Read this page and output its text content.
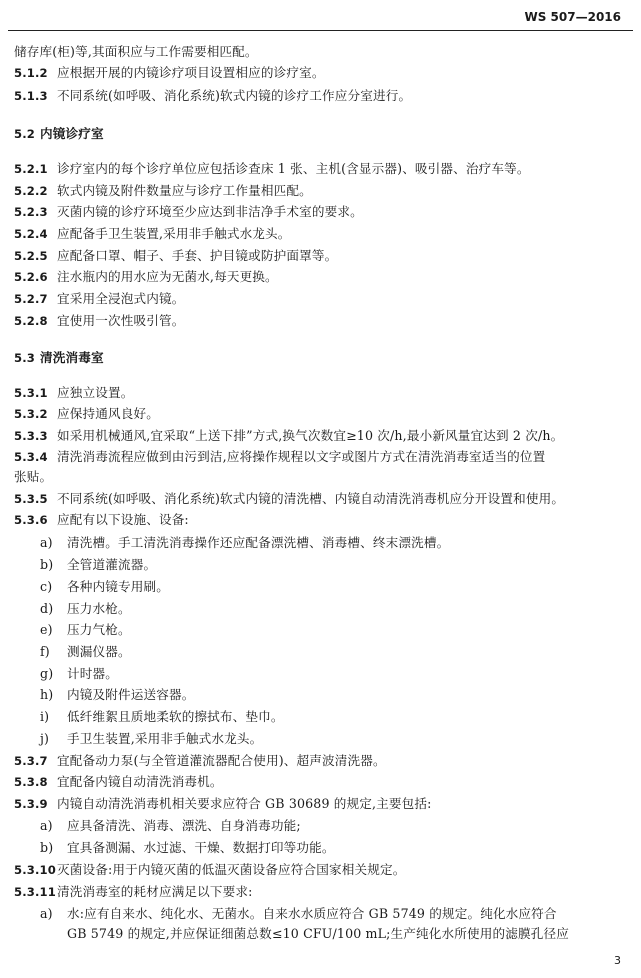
WS 507—2016
储存库(柜)等,其面积应与工作需要相匹配。
5.1.2 应根据开展的内镜诊疗项目设置相应的诊疗室。
5.1.3 不同系统(如呼吸、消化系统)软式内镜的诊疗工作应分室进行。
5.2 内镜诊疗室
5.2.1 诊疗室内的每个诊疗单位应包括诊查床 1 张、主机(含显示器)、吸引器、治疗车等。
5.2.2 软式内镜及附件数量应与诊疗工作量相匹配。
5.2.3 灭菌内镜的诊疗环境至少应达到非洁净手术室的要求。
5.2.4 应配备手卫生装置,采用非手触式水龙头。
5.2.5 应配备口罩、帽子、手套、护目镜或防护面罩等。
5.2.6 注水瓶内的用水应为无菌水,每天更换。
5.2.7 宜采用全浸泡式内镜。
5.2.8 宜使用一次性吸引管。
5.3 清洗消毒室
5.3.1 应独立设置。
5.3.2 应保持通风良好。
5.3.3 如采用机械通风,宜采取“上送下排”方式,换气次数宜≥10 次/h,最小新风量宜达到 2 次/h。
5.3.4 清洗消毒流程应做到由污到洁,应将操作规程以文字或图片方式在清洗消毒室适当的位置
张贴。
5.3.5 不同系统(如呼吸、消化系统)软式内镜的清洗槽、内镜自动清洗消毒机应分开设置和使用。
5.3.6 应配有以下设施、设备:
a) 清洗槽。手工清洗消毒操作还应配备漂洗槽、消毒槽、终末漂洗槽。
b) 全管道灌流器。
c) 各种内镜专用刷。
d) 压力水枪。
e) 压力气枪。
f) 测漏仪器。
g) 计时器。
h) 内镜及附件运送容器。
i) 低纤维絮且质地柔软的擦拭布、垫巾。
j) 手卫生装置,采用非手触式水龙头。
5.3.7 宜配备动力泵(与全管道灌流器配合使用)、超声波清洗器。
5.3.8 宜配备内镜自动清洗消毒机。
5.3.9 内镜自动清洗消毒机相关要求应符合 GB 30689 的规定,主要包括:
a) 应具备清洗、消毒、漂洗、自身消毒功能;
b) 宜具备测漏、水过滤、干燥、数据打印等功能。
5.3.10 灭菌设备:用于内镜灭菌的低温灭菌设备应符合国家相关规定。
5.3.11 清洗消毒室的耗材应满足以下要求:
a) 水:应有自来水、纯化水、无菌水。自来水水质应符合 GB 5749 的规定。纯化水应符合
GB 5749 的规定,并应保证细菌总数≤10 CFU/100 mL;生产纯化水所使用的滤膜孔径应
3
